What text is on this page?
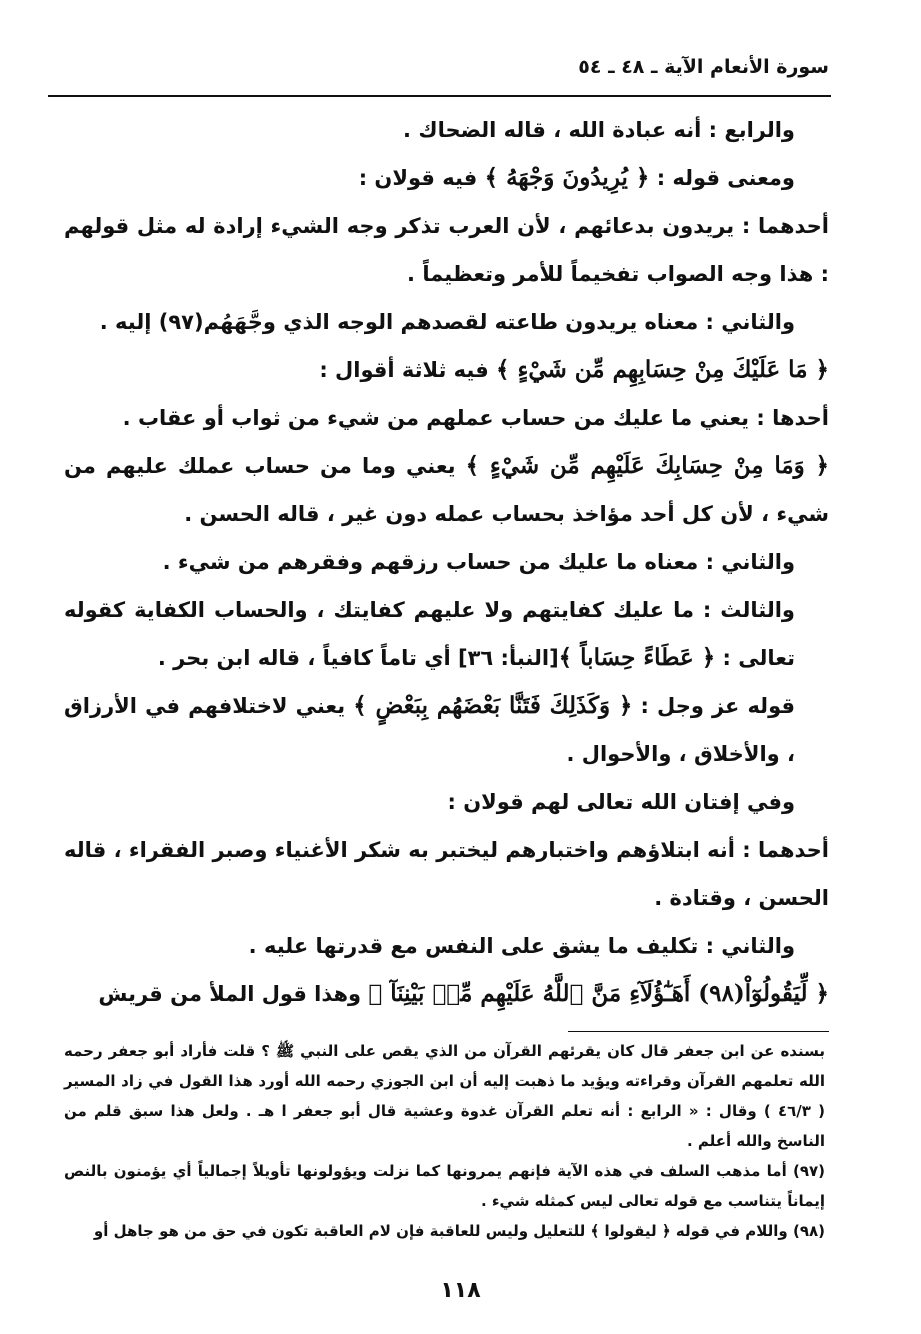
سورة الأنعام الآية ـ ٤٨ ـ ٥٤

والرابع : أنه عبادة الله ، قاله الضحاك .

ومعنى قوله : ﴿ يُرِيدُونَ وَجْهَهُ ﴾ فيه قولان :

أحدهما : يريدون بدعائهم ، لأن العرب تذكر وجه الشيء إرادة له مثل قولهم : هذا وجه الصواب تفخيماً للأمر وتعظيماً .

والثاني : معناه يريدون طاعته لقصدهم الوجه الذي وجَّهَهُم(٩٧) إليه .

﴿ مَا عَلَيْكَ مِنْ حِسَابِهِم مِّن شَيْءٍ ﴾ فيه ثلاثة أقوال :

أحدها : يعني ما عليك من حساب عملهم من شيء من ثواب أو عقاب .

﴿ وَمَا مِنْ حِسَابِكَ عَلَيْهِم مِّن شَيْءٍ ﴾ يعني وما من حساب عملك عليهم من شيء ، لأن كل أحد مؤاخذ بحساب عمله دون غير ، قاله الحسن .

والثاني : معناه ما عليك من حساب رزقهم وفقرهم من شيء .

والثالث : ما عليك كفايتهم ولا عليهم كفايتك ، والحساب الكفاية كقوله تعالى : ﴿ عَطَاءً حِسَاباً ﴾[النبأ: ٣٦] أي تاماً كافياً ، قاله ابن بحر .

قوله عز وجل : ﴿ وَكَذَلِكَ فَتَنَّا بَعْضَهُم بِبَعْضٍ ﴾ يعني لاختلافهم في الأرزاق ، والأخلاق ، والأحوال .

وفي إفتان الله تعالى لهم قولان :

أحدهما : أنه ابتلاؤهم واختبارهم ليختبر به شكر الأغنياء وصبر الفقراء ، قاله الحسن ، وقتادة .

والثاني : تكليف ما يشق على النفس مع قدرتها عليه .

﴿ لِّيَقُولُوٓاْ(٩٨) أَهَـٰٓؤُلَآءِ مَنَّ ٱللَّهُ عَلَيْهِم مِّنۢ بَيْنِنَآ ﴾ وهذا قول الملأ من قريش

بسنده عن ابن جعفر قال كان يقرئهم القرآن من الذي يقص على النبي ﷺ ؟ قلت فأراد أبو جعفر رحمه الله تعلمهم القرآن وقراءته ويؤيد ما ذهبت إليه أن ابن الجوزي رحمه الله أورد هذا القول في زاد المسير ( ٤٦/٣ ) وقال : « الرابع : أنه تعلم القرآن غدوة وعشية قال أبو جعفر ا هـ . ولعل هذا سبق قلم من الناسخ والله أعلم .

(٩٧) أما مذهب السلف في هذه الآية فإنهم يمرونها كما نزلت ويؤولونها تأويلاً إجمالياً أي يؤمنون بالنص إيماناً يتناسب مع قوله تعالى ليس كمثله شيء .

(٩٨) واللام في قوله ﴿ ليقولوا ﴾ للتعليل وليس للعاقبة فإن لام العاقبة تكون في حق من هو جاهل أو

١١٨
